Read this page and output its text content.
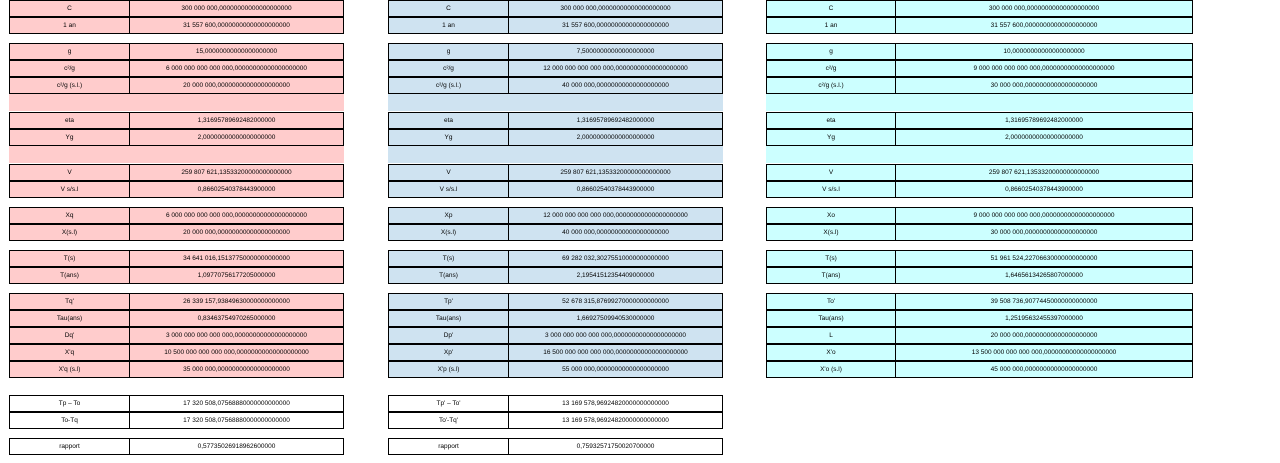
C	300 000 000,00000000000000000000
1 an	31 557 600,00000000000000000000
g	15,00000000000000000000
c²/g	6 000 000 000 000 000,00000000000000000000
c²/g (s.l.)	20 000 000,00000000000000000000
eta	1,31695789692482000000
Yg	2,00000000000000000000
V	259 807 621,13533200000000000000
V s/s.l	0,86602540378443900000
Xq	6 000 000 000 000 000,00000000000000000000
X(s.l)	20 000 000,00000000000000000000
T(s)	34 641 016,15137750000000000000
T(ans)	1,09770756177205000000
Tq'	26 339 157,93849630000000000000
Tau(ans)	0,83463754970265000000
Dq'	3 000 000 000 000 000,00000000000000000000
X'q	10 500 000 000 000 000,00000000000000000000
X'q (s.l)	35 000 000,00000000000000000000
Tp – To	17 320 508,07568880000000000000
To-Tq	17 320 508,07568880000000000000
rapport	0,57735026918962600000
C	300 000 000,00000000000000000000
1 an	31 557 600,00000000000000000000
g	7,50000000000000000000
c²/g	12 000 000 000 000 000,00000000000000000000
c²/g (s.l.)	40 000 000,00000000000000000000
eta	1,31695789692482000000
Yg	2,00000000000000000000
V	259 807 621,13533200000000000000
V s/s.l	0,86602540378443900000
Xp	12 000 000 000 000 000,00000000000000000000
X(s.l)	40 000 000,00000000000000000000
T(s)	69 282 032,30275510000000000000
T(ans)	2,19541512354409000000
Tp'	52 678 315,87699270000000000000
Tau(ans)	1,66927509940530000000
Dp'	3 000 000 000 000 000,00000000000000000000
Xp'	16 500 000 000 000 000,00000000000000000000
X'p (s.l)	55 000 000,00000000000000000000
Tp' – To'	13 169 578,96924820000000000000
To'-Tq'	13 169 578,96924820000000000000
rapport	0,75932571750020700000
C	300 000 000,00000000000000000000
1 an	31 557 600,00000000000000000000
g	10,00000000000000000000
c²/g	9 000 000 000 000 000,00000000000000000000
c²/g (s.l.)	30 000 000,00000000000000000000
eta	1,31695789692482000000
Yg	2,00000000000000000000
V	259 807 621,13533200000000000000
V s/s.l	0,86602540378443900000
Xo	9 000 000 000 000 000,00000000000000000000
X(s.l)	30 000 000,00000000000000000000
T(s)	51 961 524,22706630000000000000
T(ans)	1,64656134265807000000
To'	39 508 736,90774450000000000000
Tau(ans)	1,25195632455397000000
L	20 000 000,00000000000000000000
X'o	13 500 000 000 000 000,00000000000000000000
X'o (s.l)	45 000 000,00000000000000000000
